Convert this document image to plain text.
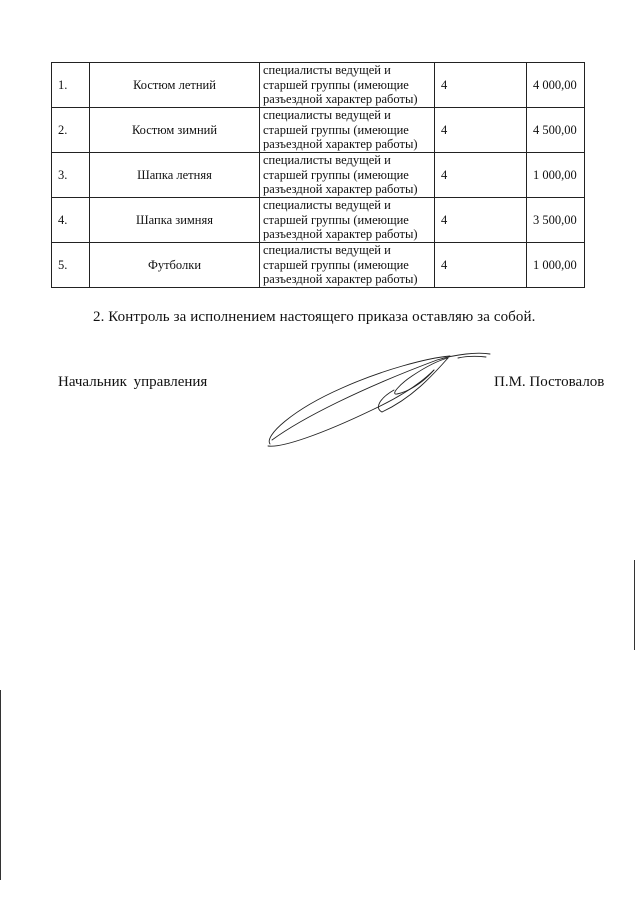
1.	Костюм летний	специалисты ведущей и
старшей группы (имеющие
разъездной характер работы)	4	4 000,00
2.	Костюм зимний	специалисты ведущей и
старшей группы (имеющие
разъездной характер работы)	4	4 500,00
3.	Шапка летняя	специалисты ведущей и
старшей группы (имеющие
разъездной характер работы)	4	1 000,00
4.	Шапка зимняя	специалисты ведущей и
старшей группы (имеющие
разъездной характер работы)	4	3 500,00
5.	Футболки	специалисты ведущей и
старшей группы (имеющие
разъездной характер работы)	4	1 000,00
2. Контроль за исполнением настоящего приказа оставляю за собой.
Начальник управления	П.М. Постовалов
